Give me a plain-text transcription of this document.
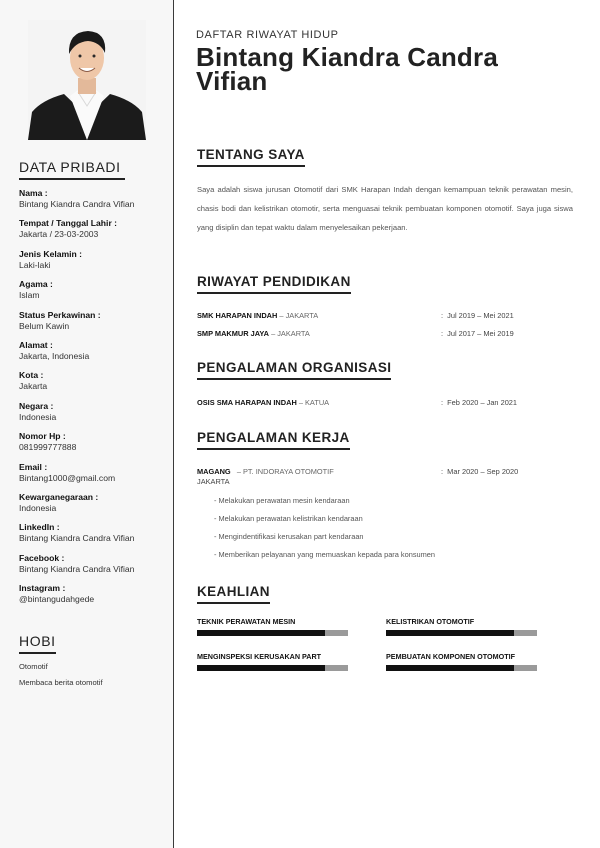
DATA PRIBADI
Nama :
Bintang Kiandra Candra Vifian
Tempat / Tanggal Lahir :
Jakarta / 23-03-2003
Jenis Kelamin :
Laki-laki
Agama :
Islam
Status Perkawinan :
Belum Kawin
Alamat :
Jakarta, Indonesia
Kota :
Jakarta
Negara :
Indonesia
Nomor Hp :
081999777888
Email :
Bintang1000@gmail.com
Kewarganegaraan :
Indonesia
LinkedIn :
Bintang Kiandra Candra Vifian
Facebook :
Bintang Kiandra Candra Vifian
Instagram :
@bintangudahgede
HOBI
Otomotif
Membaca berita otomotif
DAFTAR RIWAYAT HIDUP
Bintang Kiandra Candra Vifian
TENTANG SAYA
Saya adalah siswa jurusan Otomotif dari SMK Harapan Indah dengan kemampuan teknik perawatan mesin, chasis bodi dan kelistrikan otomotir, serta menguasai teknik pembuatan komponen otomotif. Saya juga siswa yang disiplin dan tepat waktu dalam menyelesaikan pekerjaan.
RIWAYAT PENDIDIKAN
SMK HARAPAN INDAH – JAKARTA	:  Jul 2019 – Mei 2021
SMP MAKMUR JAYA – JAKARTA	:  Jul 2017 – Mei 2019
PENGALAMAN ORGANISASI
OSIS SMA HARAPAN INDAH – KATUA	:  Feb 2020 – Jan 2021
PENGALAMAN KERJA
MAGANG – PT. INDORAYA OTOMOTIF
JAKARTA
:  Mar 2020 – Sep 2020
- Melakukan perawatan mesin kendaraan
- Melakukan perawatan kelistrikan kendaraan
- Mengindentifikasi kerusakan part kendaraan
- Memberikan pelayanan yang memuaskan kepada para konsumen
KEAHLIAN
TEKNIK PERAWATAN MESIN	KELISTRIKAN OTOMOTIF
MENGINSPEKSI KERUSAKAN PART	PEMBUATAN KOMPONEN OTOMOTIF
